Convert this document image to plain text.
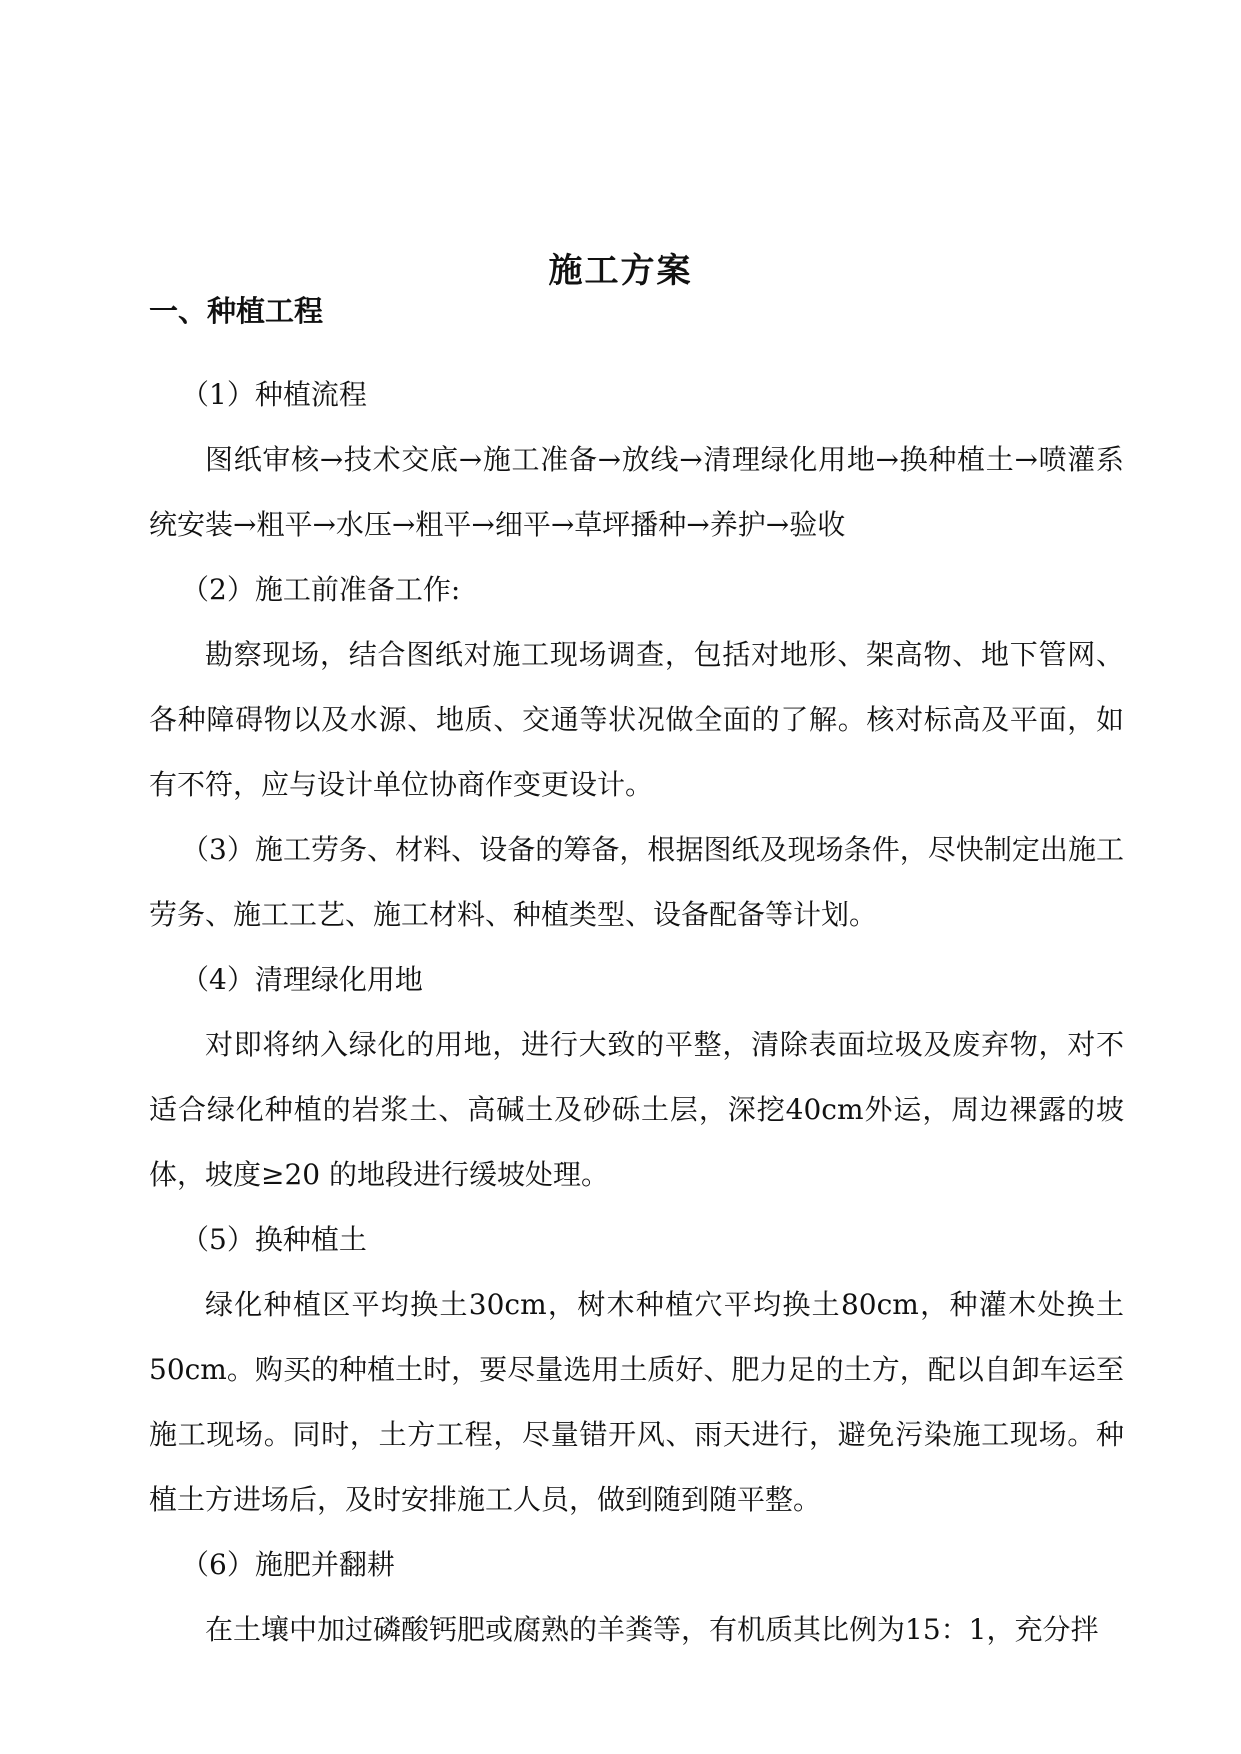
施工方案
一、种植工程

（1）种植流程

图纸审核→技术交底→施工准备→放线→清理绿化用地→换种植土→喷灌系统安装→粗平→水压→粗平→细平→草坪播种→养护→验收

（2）施工前准备工作:

勘察现场，结合图纸对施工现场调查，包括对地形、架高物、地下管网、各种障碍物以及水源、地质、交通等状况做全面的了解。核对标高及平面，如有不符，应与设计单位协商作变更设计。

（3）施工劳务、材料、设备的筹备，根据图纸及现场条件，尽快制定出施工劳务、施工工艺、施工材料、种植类型、设备配备等计划。

（4）清理绿化用地

对即将纳入绿化的用地，进行大致的平整，清除表面垃圾及废弃物，对不适合绿化种植的岩浆土、高碱土及砂砾土层，深挖40cm外运，周边裸露的坡体，坡度≥20 的地段进行缓坡处理。

（5）换种植土

绿化种植区平均换土30cm，树木种植穴平均换土80cm，种灌木处换土50cm。购买的种植土时，要尽量选用土质好、肥力足的土方，配以自卸车运至施工现场。同时，土方工程，尽量错开风、雨天进行，避免污染施工现场。种植土方进场后，及时安排施工人员，做到随到随平整。

（6）施肥并翻耕

在土壤中加过磷酸钙肥或腐熟的羊粪等，有机质其比例为15：1，充分拌
